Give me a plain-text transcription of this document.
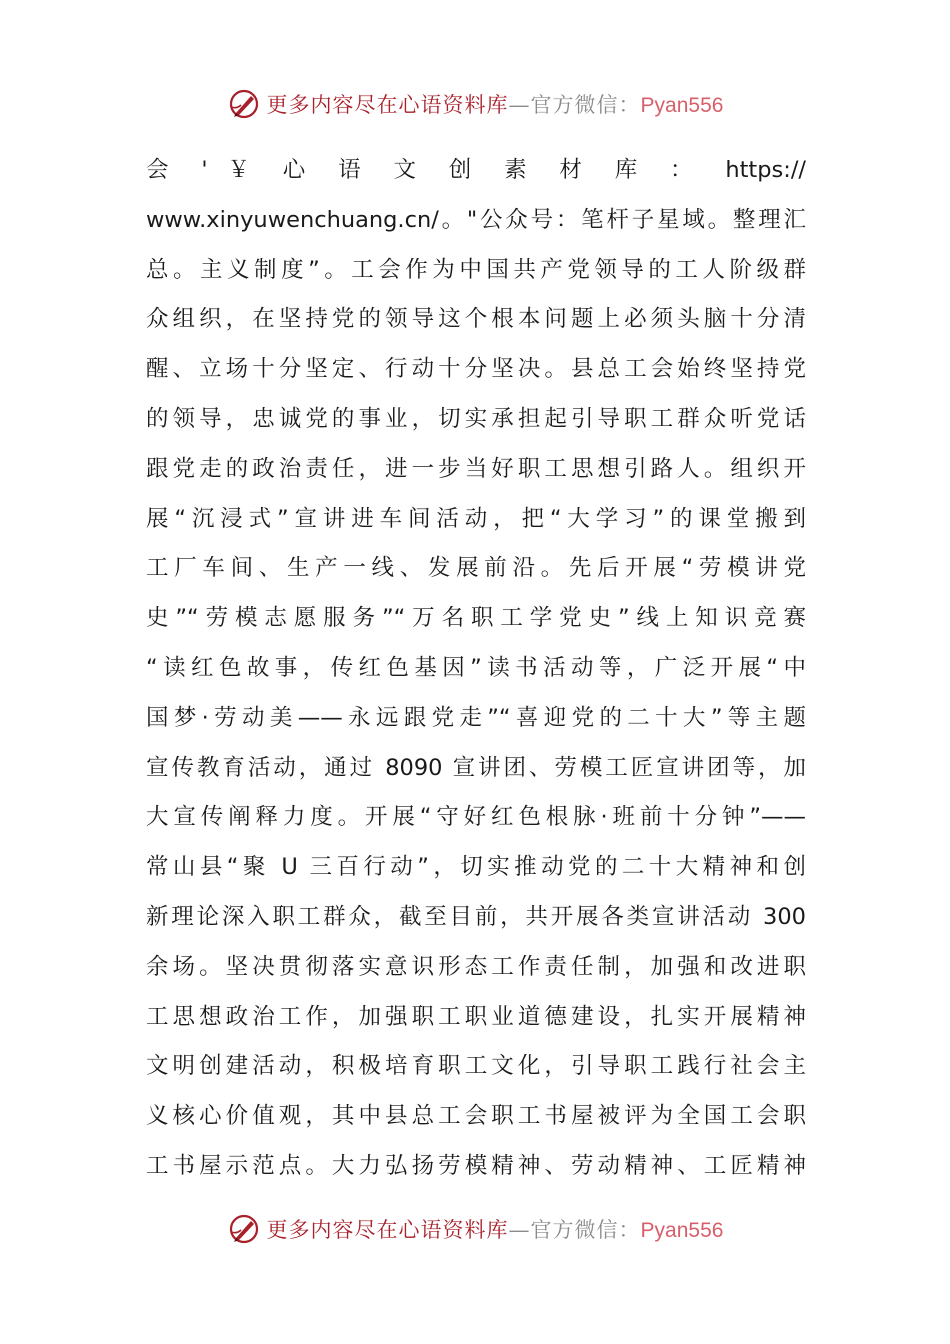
更多内容尽在心语资料库—官方微信：Pyan556
会 ' ￥ 心 语 文 创 素 材 库 ： https://
www.xinyuwenchuang.cn/。"公众号：笔杆子星域。整理汇
总。主义制度”。工会作为中国共产党领导的工人阶级群
众组织，在坚持党的领导这个根本问题上必须头脑十分清
醒、立场十分坚定、行动十分坚决。县总工会始终坚持党
的领导，忠诚党的事业，切实承担起引导职工群众听党话
跟党走的政治责任，进一步当好职工思想引路人。组织开
展“沉浸式”宣讲进车间活动，把“大学习”的课堂搬到
工厂车间、生产一线、发展前沿。先后开展“劳模讲党
史”“劳模志愿服务”“万名职工学党史”线上知识竞赛
“读红色故事，传红色基因”读书活动等，广泛开展“中
国梦·劳动美——永远跟党走”“喜迎党的二十大”等主题
宣传教育活动，通过 8090 宣讲团、劳模工匠宣讲团等，加
大宣传阐释力度。开展“守好红色根脉·班前十分钟”——
常山县“聚 U 三百行动”，切实推动党的二十大精神和创
新理论深入职工群众，截至目前，共开展各类宣讲活动 300
余场。坚决贯彻落实意识形态工作责任制，加强和改进职
工思想政治工作，加强职工职业道德建设，扎实开展精神
文明创建活动，积极培育职工文化，引导职工践行社会主
义核心价值观，其中县总工会职工书屋被评为全国工会职
工书屋示范点。大力弘扬劳模精神、劳动精神、工匠精神
更多内容尽在心语资料库—官方微信：Pyan556
